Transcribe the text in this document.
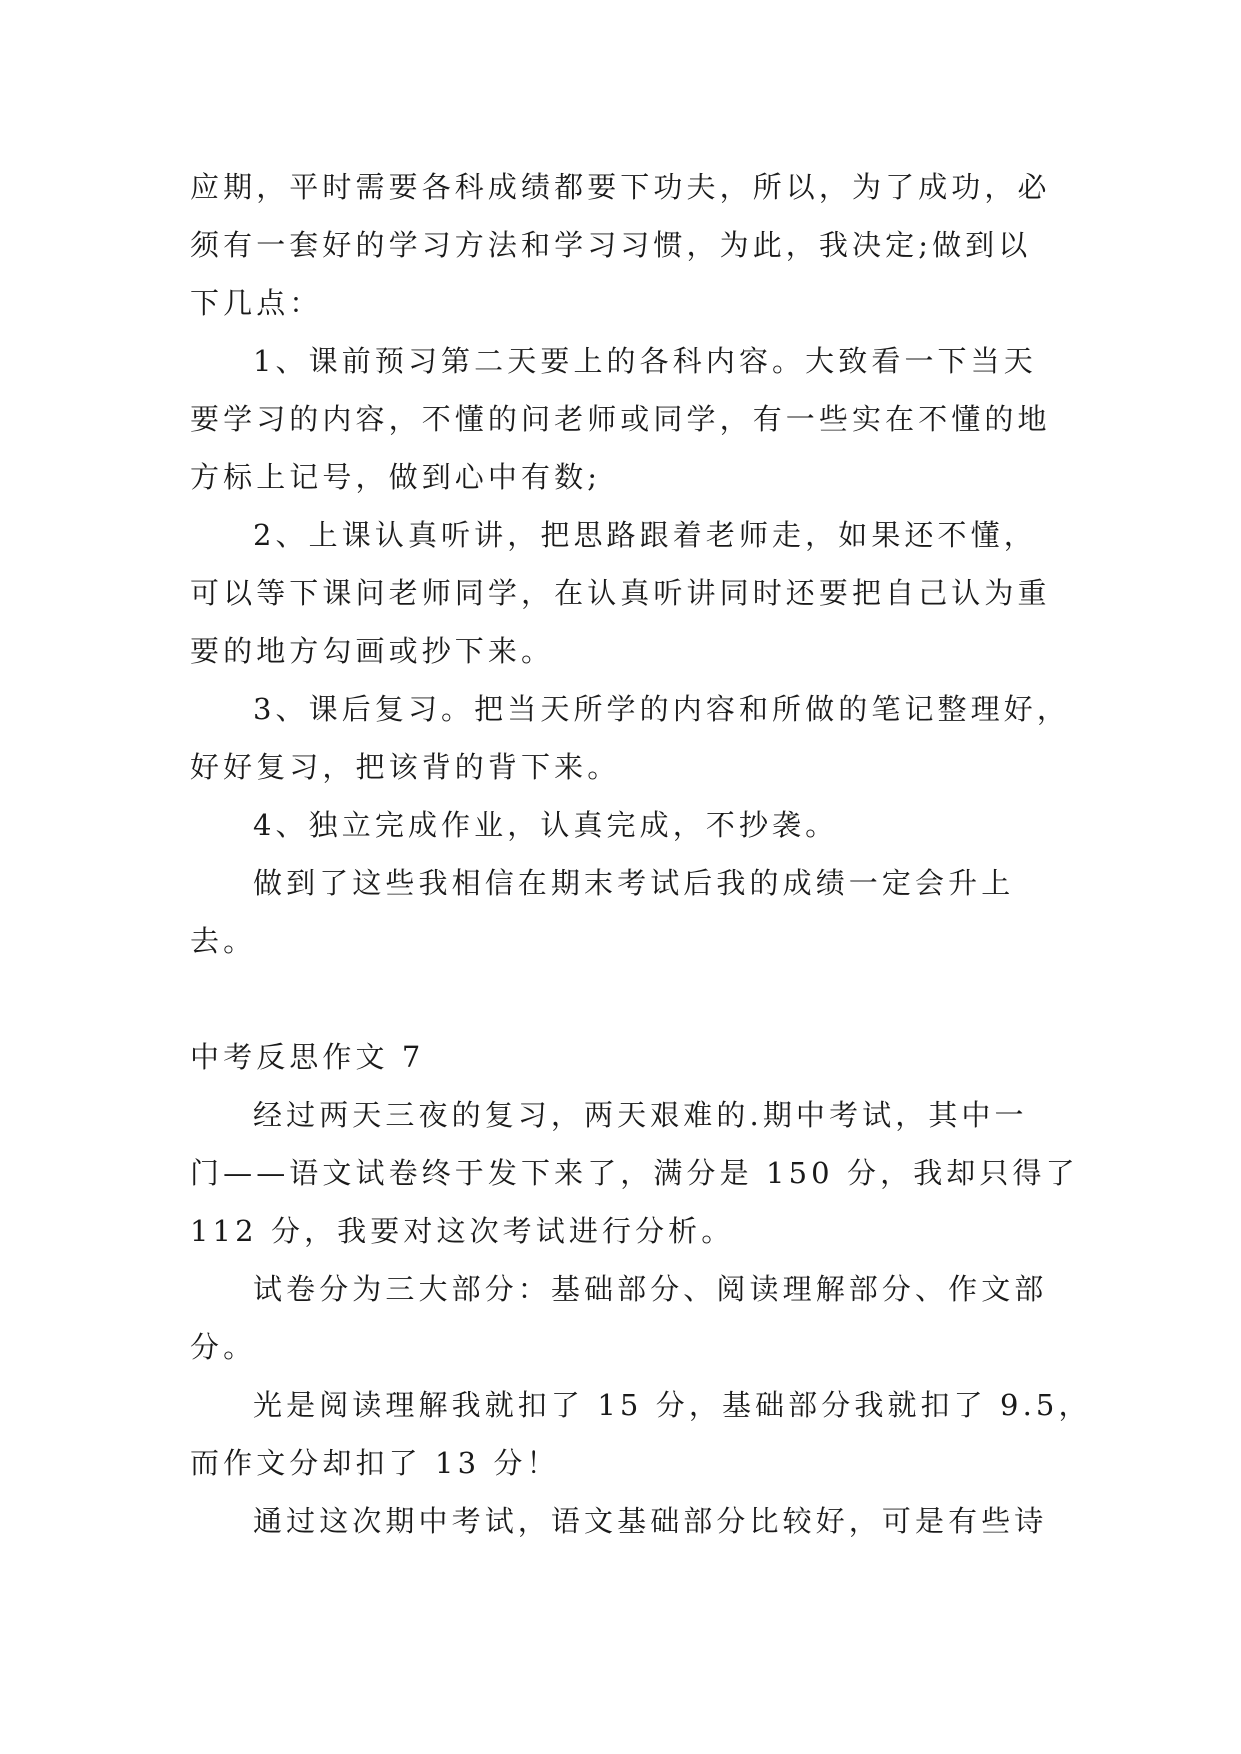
应期，平时需要各科成绩都要下功夫，所以，为了成功，必
须有一套好的学习方法和学习习惯，为此，我决定;做到以
下几点：
1、课前预习第二天要上的各科内容。大致看一下当天
要学习的内容，不懂的问老师或同学，有一些实在不懂的地
方标上记号，做到心中有数;
2、上课认真听讲，把思路跟着老师走，如果还不懂，
可以等下课问老师同学，在认真听讲同时还要把自己认为重
要的地方勾画或抄下来。
3、课后复习。把当天所学的内容和所做的笔记整理好，
好好复习，把该背的背下来。
4、独立完成作业，认真完成，不抄袭。
做到了这些我相信在期末考试后我的成绩一定会升上
去。
中考反思作文 7
经过两天三夜的复习，两天艰难的.期中考试，其中一
门——语文试卷终于发下来了，满分是 150 分，我却只得了
112 分，我要对这次考试进行分析。
试卷分为三大部分：基础部分、阅读理解部分、作文部
分。
光是阅读理解我就扣了 15 分，基础部分我就扣了 9.5，
而作文分却扣了 13 分！
通过这次期中考试，语文基础部分比较好，可是有些诗
